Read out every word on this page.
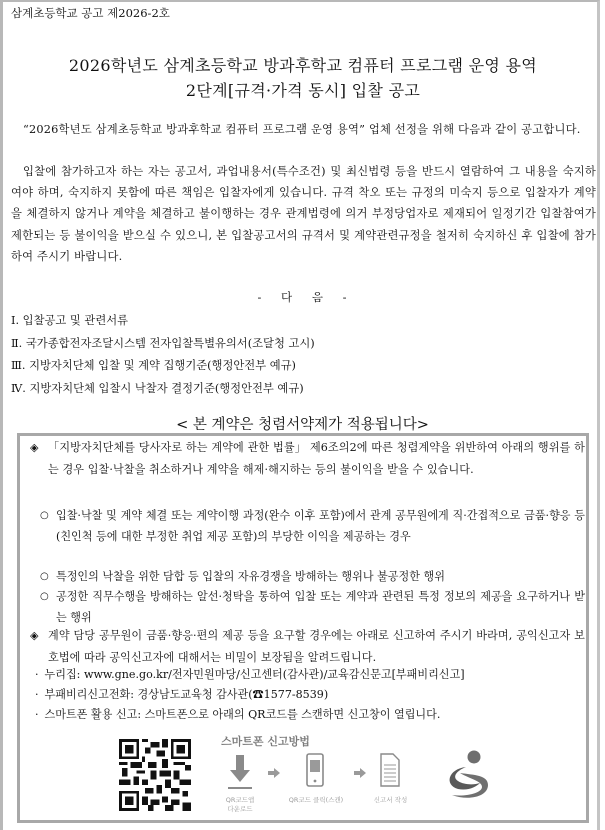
삼계초등학교 공고 제2026-2호
2026학년도 삼계초등학교 방과후학교 컴퓨터 프로그램 운영 용역
2단계[규격·가격 동시] 입찰 공고
“2026학년도 삼계초등학교 방과후학교 컴퓨터 프로그램 운영 용역” 업체 선정을 위해 다음과 같이 공고합니다.
입찰에 참가하고자 하는 자는 공고서, 과업내용서(특수조건) 및 최신법령 등을 반드시 열람하여 그 내용을 숙지하여야 하며, 숙지하지 못함에 따른 책임은 입찰자에게 있습니다. 규격 착오 또는 규정의 미숙지 등으로 입찰자가 계약을 체결하지 않거나 계약을 체결하고 불이행하는 경우 관계법령에 의거 부정당업자로 제재되어 일정기간 입찰참여가 제한되는 등 불이익을 받으실 수 있으니, 본 입찰공고서의 규격서 및 계약관련규정을 철저히 숙지하신 후 입찰에 참가하여 주시기 바랍니다.
- 다 음 -
Ⅰ. 입찰공고 및 관련서류
Ⅱ. 국가종합전자조달시스템 전자입찰특별유의서(조달청 고시)
Ⅲ. 지방자치단체 입찰 및 계약 집행기준(행정안전부 예규)
Ⅳ. 지방자치단체 입찰시 낙찰자 결정기준(행정안전부 예규)
< 본 계약은 청렴서약제가 적용됩니다>
◈ 「지방자치단체를 당사자로 하는 계약에 관한 법률」 제6조의2에 따른 청렴계약을 위반하여 아래의 행위를 하는 경우 입찰·낙찰을 취소하거나 계약을 해제·해지하는 등의 불이익을 받을 수 있습니다.
○ 입찰·낙찰 및 계약 체결 또는 계약이행 과정(완수 이후 포함)에서 관계 공무원에게 직·간접적으로 금품·향응 등(친인척 등에 대한 부정한 취업 제공 포함)의 부당한 이익을 제공하는 경우
○ 특정인의 낙찰을 위한 담합 등 입찰의 자유경쟁을 방해하는 행위나 불공정한 행위
○ 공정한 직무수행을 방해하는 알선·청탁을 통하여 입찰 또는 계약과 관련된 특정 정보의 제공을 요구하거나 받는 행위
◈ 계약 담당 공무원이 금품·향응·편의 제공 등을 요구할 경우에는 아래로 신고하여 주시기 바라며, 공익신고자 보호법에 따라 공익신고자에 대해서는 비밀이 보장됨을 알려드립니다.
· 누리집: www.gne.go.kr/전자민원마당/신고센터(감사관)/교육감신문고[부패비리신고]
· 부패비리신고전화: 경상남도교육청 감사관(☎1577-8539)
· 스마트폰 활용 신고: 스마트폰으로 아래의 QR코드를 스캔하면 신고창이 열립니다.
스마트폰 신고방법
QR코드앱
다운로드
QR코드 클릭(스캔)	신고서 작성
